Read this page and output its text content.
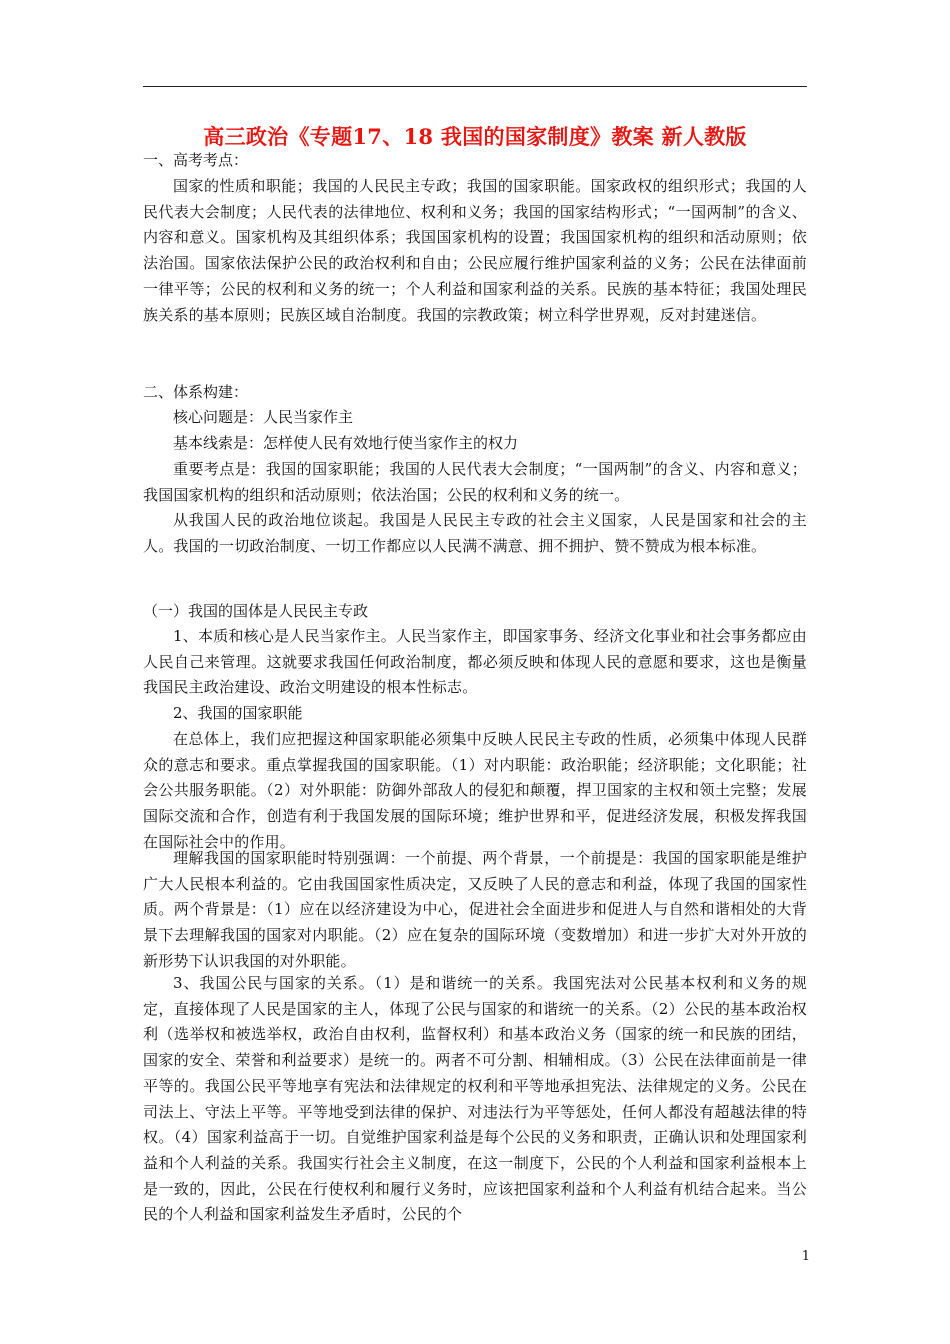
高三政治《专题17、18 我国的国家制度》教案 新人教版
一、高考考点：
国家的性质和职能；我国的人民民主专政；我国的国家职能。国家政权的组织形式；我国的人民代表大会制度；人民代表的法律地位、权利和义务；我国的国家结构形式；“一国两制”的含义、内容和意义。国家机构及其组织体系；我国国家机构的设置；我国国家机构的组织和活动原则；依法治国。国家依法保护公民的政治权利和自由；公民应履行维护国家利益的义务；公民在法律面前一律平等；公民的权利和义务的统一；个人利益和国家利益的关系。民族的基本特征；我国处理民族关系的基本原则；民族区域自治制度。我国的宗教政策；树立科学世界观，反对封建迷信。
二、体系构建：
核心问题是：人民当家作主
基本线索是：怎样使人民有效地行使当家作主的权力
重要考点是：我国的国家职能；我国的人民代表大会制度；“一国两制”的含义、内容和意义；我国国家机构的组织和活动原则；依法治国；公民的权利和义务的统一。
从我国人民的政治地位谈起。我国是人民民主专政的社会主义国家，人民是国家和社会的主人。我国的一切政治制度、一切工作都应以人民满不满意、拥不拥护、赞不赞成为根本标准。
（一）我国的国体是人民民主专政
1、本质和核心是人民当家作主。人民当家作主，即国家事务、经济文化事业和社会事务都应由人民自己来管理。这就要求我国任何政治制度，都必须反映和体现人民的意愿和要求，这也是衡量我国民主政治建设、政治文明建设的根本性标志。
2、我国的国家职能
在总体上，我们应把握这种国家职能必须集中反映人民民主专政的性质，必须集中体现人民群众的意志和要求。重点掌握我国的国家职能。（1）对内职能：政治职能；经济职能；文化职能；社会公共服务职能。（2）对外职能：防御外部敌人的侵犯和颠覆，捍卫国家的主权和领土完整；发展国际交流和合作，创造有利于我国发展的国际环境；维护世界和平，促进经济发展，积极发挥我国在国际社会中的作用。
理解我国的国家职能时特别强调：一个前提、两个背景，一个前提是：我国的国家职能是维护广大人民根本利益的。它由我国国家性质决定，又反映了人民的意志和利益，体现了我国的国家性质。两个背景是：（1）应在以经济建设为中心，促进社会全面进步和促进人与自然和谐相处的大背景下去理解我国的国家对内职能。（2）应在复杂的国际环境（变数增加）和进一步扩大对外开放的新形势下认识我国的对外职能。
3、我国公民与国家的关系。（1）是和谐统一的关系。我国宪法对公民基本权利和义务的规定，直接体现了人民是国家的主人，体现了公民与国家的和谐统一的关系。（2）公民的基本政治权利（选举权和被选举权，政治自由权利，监督权利）和基本政治义务（国家的统一和民族的团结，国家的安全、荣誉和利益要求）是统一的。两者不可分割、相辅相成。（3）公民在法律面前是一律平等的。我国公民平等地享有宪法和法律规定的权利和平等地承担宪法、法律规定的义务。公民在司法上、守法上平等。平等地受到法律的保护、对违法行为平等惩处，任何人都没有超越法律的特权。（4）国家利益高于一切。自觉维护国家利益是每个公民的义务和职责，正确认识和处理国家利益和个人利益的关系。我国实行社会主义制度，在这一制度下，公民的个人利益和国家利益根本上是一致的，因此，公民在行使权利和履行义务时，应该把国家利益和个人利益有机结合起来。当公民的个人利益和国家利益发生矛盾时，公民的个
1
